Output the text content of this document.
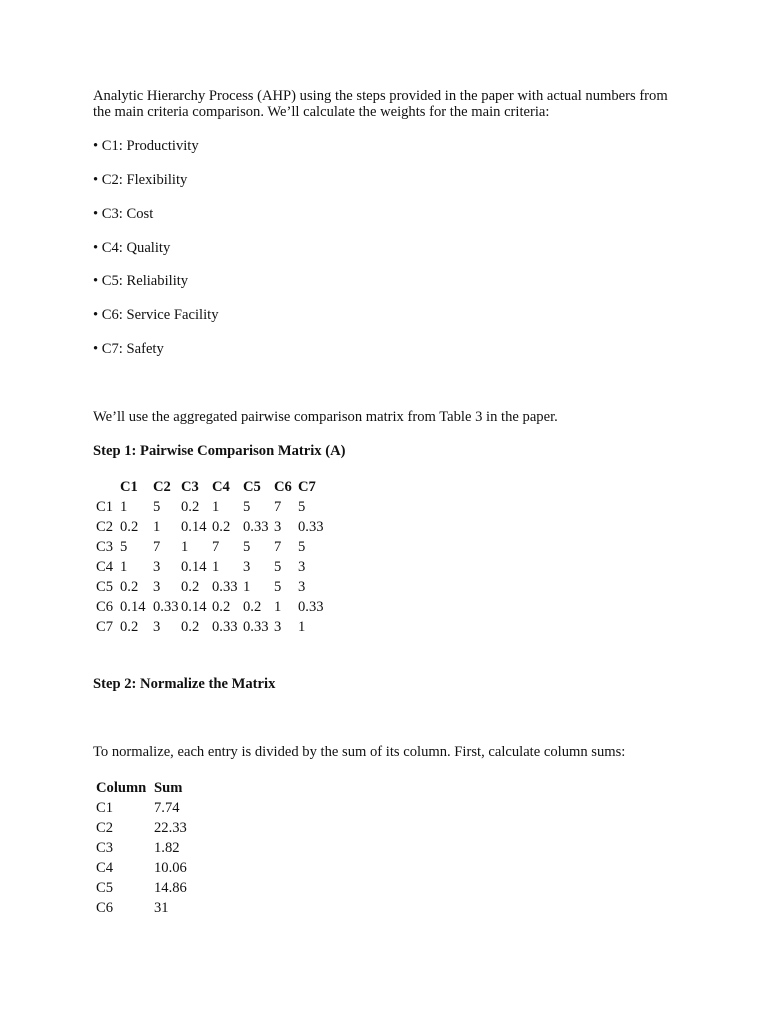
Analytic Hierarchy Process (AHP) using the steps provided in the paper with actual numbers from the main criteria comparison. We’ll calculate the weights for the main criteria:

• C1: Productivity
• C2: Flexibility
• C3: Cost
• C4: Quality
• C5: Reliability
• C6: Service Facility
• C7: Safety

We’ll use the aggregated pairwise comparison matrix from Table 3 in the paper.

Step 1: Pairwise Comparison Matrix (A)

	C1	C2	C3	C4	C5	C6	C7
C1	1	5	0.2	1	5	7	5
C2	0.2	1	0.14	0.2	0.33	3	0.33
C3	5	7	1	7	5	7	5
C4	1	3	0.14	1	3	5	3
C5	0.2	3	0.2	0.33	1	5	3
C6	0.14	0.33	0.14	0.2	0.2	1	0.33
C7	0.2	3	0.2	0.33	0.33	3	1

Step 2: Normalize the Matrix

To normalize, each entry is divided by the sum of its column. First, calculate column sums:

Column	Sum
C1	7.74
C2	22.33
C3	1.82
C4	10.06
C5	14.86
C6	31
